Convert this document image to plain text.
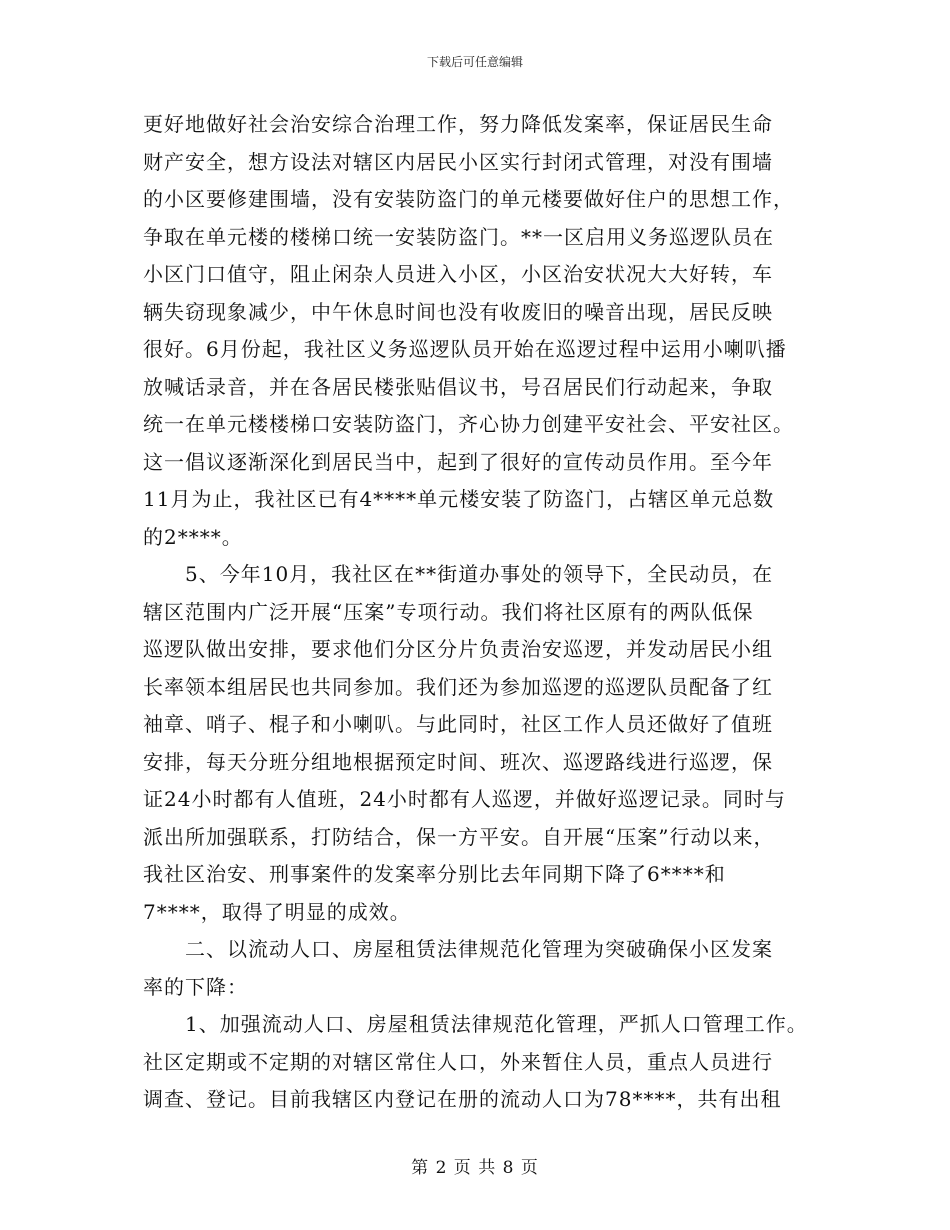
下载后可任意编辑
更好地做好社会治安综合治理工作，努力降低发案率，保证居民生命
财产安全，想方设法对辖区内居民小区实行封闭式管理，对没有围墙
的小区要修建围墙，没有安装防盗门的单元楼要做好住户的思想工作，
争取在单元楼的楼梯口统一安装防盗门。**一区启用义务巡逻队员在
小区门口值守，阻止闲杂人员进入小区，小区治安状况大大好转，车
辆失窃现象减少，中午休息时间也没有收废旧的噪音出现，居民反映
很好。6月份起，我社区义务巡逻队员开始在巡逻过程中运用小喇叭播
放喊话录音，并在各居民楼张贴倡议书，号召居民们行动起来，争取
统一在单元楼楼梯口安装防盗门，齐心协力创建平安社会、平安社区。
这一倡议逐渐深化到居民当中，起到了很好的宣传动员作用。至今年
11月为止，我社区已有4****单元楼安装了防盗门，占辖区单元总数
的2****。
5、今年10月，我社区在**街道办事处的领导下，全民动员，在
辖区范围内广泛开展“压案”专项行动。我们将社区原有的两队低保
巡逻队做出安排，要求他们分区分片负责治安巡逻，并发动居民小组
长率领本组居民也共同参加。我们还为参加巡逻的巡逻队员配备了红
袖章、哨子、棍子和小喇叭。与此同时，社区工作人员还做好了值班
安排，每天分班分组地根据预定时间、班次、巡逻路线进行巡逻，保
证24小时都有人值班，24小时都有人巡逻，并做好巡逻记录。同时与
派出所加强联系，打防结合，保一方平安。自开展“压案”行动以来，
我社区治安、刑事案件的发案率分别比去年同期下降了6****和
7****，取得了明显的成效。
二、以流动人口、房屋租赁法律规范化管理为突破确保小区发案
率的下降：
1、加强流动人口、房屋租赁法律规范化管理，严抓人口管理工作。
社区定期或不定期的对辖区常住人口，外来暂住人员，重点人员进行
调查、登记。目前我辖区内登记在册的流动人口为78****，共有出租
第 2 页 共 8 页
